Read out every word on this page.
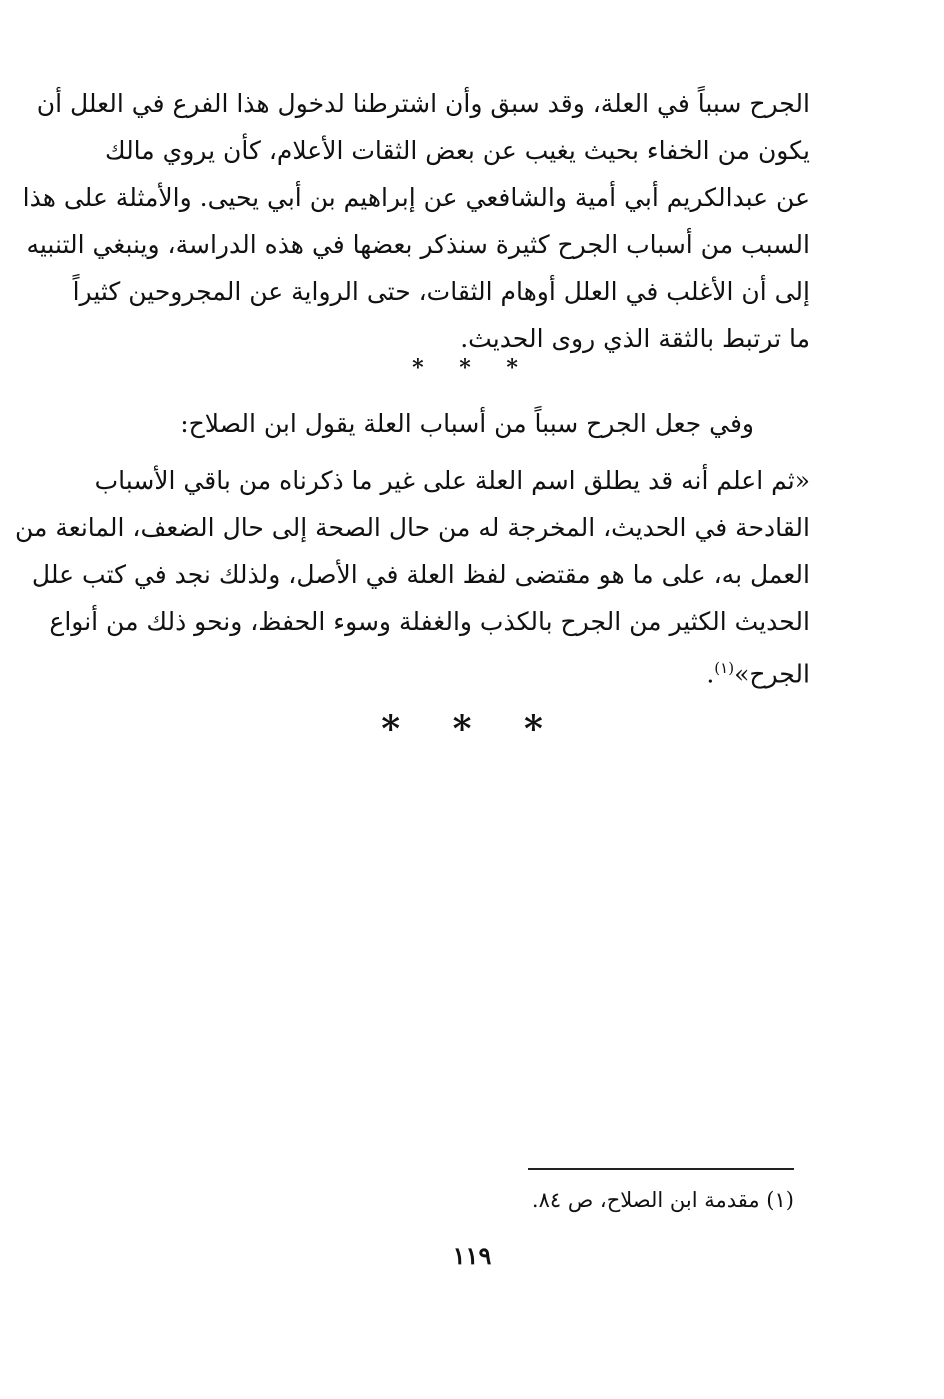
الجرح سبباً في العلة، وقد سبق وأن اشترطنا لدخول هذا الفرع في العلل أن
يكون من الخفاء بحيث يغيب عن بعض الثقات الأعلام، كأن يروي مالك
عن عبدالكريم أبي أمية والشافعي عن إبراهيم بن أبي يحيى. والأمثلة على هذا
السبب من أسباب الجرح كثيرة سنذكر بعضها في هذه الدراسة، وينبغي التنبيه
إلى أن الأغلب في العلل أوهام الثقات، حتى الرواية عن المجروحين كثيراً
ما ترتبط بالثقة الذي روى الحديث.
* * *
وفي جعل الجرح سبباً من أسباب العلة يقول ابن الصلاح:
«ثم اعلم أنه قد يطلق اسم العلة على غير ما ذكرناه من باقي الأسباب
القادحة في الحديث، المخرجة له من حال الصحة إلى حال الضعف، المانعة من
العمل به، على ما هو مقتضى لفظ العلة في الأصل، ولذلك نجد في كتب علل
الحديث الكثير من الجرح بالكذب والغفلة وسوء الحفظ، ونحو ذلك من أنواع
الجرح»$^{(١)}$.
* * *
(١) مقدمة ابن الصلاح، ص ٨٤.
١١٩
